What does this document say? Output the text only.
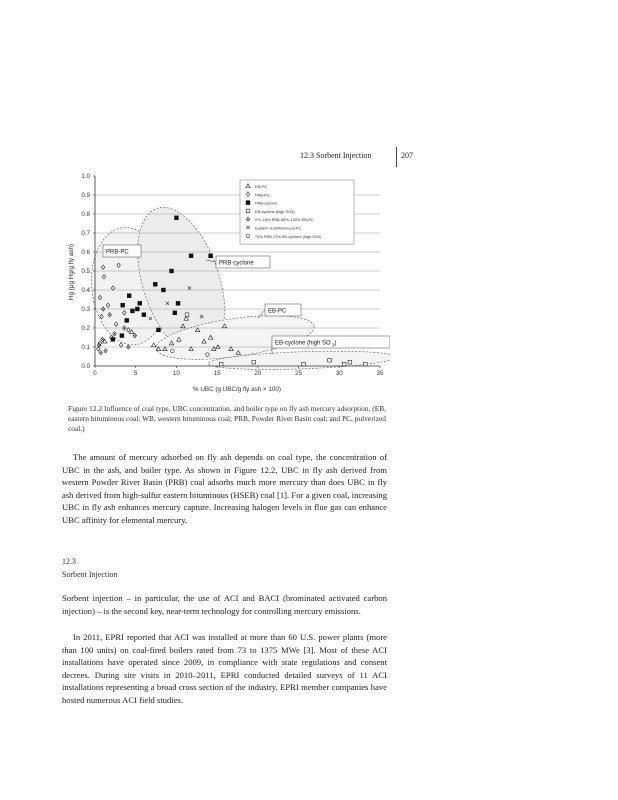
12.3 Sorbent Injection	207
0.0
0.1
0.2
0.3
0.4
0.5
0.6
0.7
0.8
0.9
1.0
0	5	10	15	20	25	30	35
EB-PC
PRB-PC
PRB-cyclone
EB-cyclone (high SO3)
0%–15% PRB 85%–100% EB-PC
Eastern subbituminous-PC
73% PRB 27% EB-cyclone (high SO3)
PRB-PC
PRB-cyclone
EB-PC
EB-cyclone (high SO $_3$)
% UBC (g UBC/g fly ash × 100)
Hg (μg Hg/g fly ash)
Figure 12.2 Influence of coal type, UBC concentration, and boiler type on fly ash mercury adsorption. (EB, eastern bituminous coal; WB, western bituminous coal; PRB, Powder River Basin coal; and PC, pulverized coal.)

The amount of mercury adsorbed on fly ash depends on coal type, the concentration of UBC in the ash, and boiler type. As shown in Figure 12.2, UBC in fly ash derived from western Powder River Basin (PRB) coal adsorbs much more mercury than does UBC in fly ash derived from high-sulfur eastern bituminous (HSEB) coal [1]. For a given coal, increasing UBC in fly ash enhances mercury capture. Increasing halogen levels in flue gas can enhance UBC affinity for elemental mercury.

12.3
Sorbent Injection

Sorbent injection – in particular, the use of ACI and BACI (brominated activated carbon injection) – is the second key, near-term technology for controlling mercury emissions.

In 2011, EPRI reported that ACI was installed at more than 60 U.S. power plants (more than 100 units) on coal-fired boilers rated from 73 to 1375 MWe [3]. Most of these ACI installations have operated since 2009, in compliance with state regulations and consent decrees. During site visits in 2010–2011, EPRI conducted detailed surveys of 11 ACI installations representing a broad cross section of the industry. EPRI member companies have hosted numerous ACI field studies.
